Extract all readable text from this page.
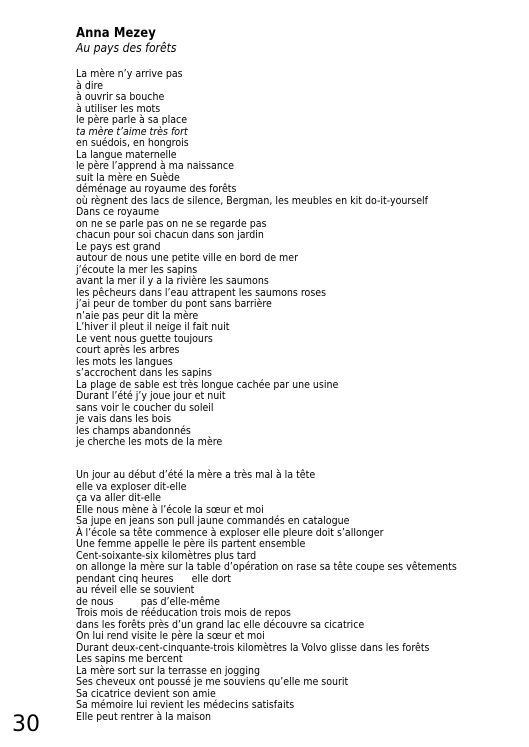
Anna Mezey
Au pays des forêts
La mère n’y arrive pas
à dire
à ouvrir sa bouche
à utiliser les mots
le père parle à sa place
ta mère t’aime très fort
en suédois, en hongrois
La langue maternelle
le père l’apprend à ma naissance
suit la mère en Suède
déménage au royaume des forêts
où règnent des lacs de silence, Bergman, les meubles en kit do-it-yourself
Dans ce royaume
on ne se parle pas on ne se regarde pas
chacun pour soi chacun dans son jardin
Le pays est grand
autour de nous une petite ville en bord de mer
j’écoute la mer les sapins
avant la mer il y a la rivière les saumons
les pêcheurs dans l’eau attrapent les saumons roses
j’ai peur de tomber du pont sans barrière
n’aie pas peur dit la mère
L’hiver il pleut il neige il fait nuit
Le vent nous guette toujours
court après les arbres
les mots les langues
s’accrochent dans les sapins
La plage de sable est très longue cachée par une usine
Durant l’été j’y joue jour et nuit
sans voir le coucher du soleil
je vais dans les bois
les champs abandonnés
je cherche les mots de la mère
Un jour au début d’été la mère a très mal à la tête
elle va exploser dit-elle
ça va aller dit-elle
Elle nous mène à l’école la sœur et moi
Sa jupe en jeans son pull jaune commandés en catalogue
À l’école sa tête commence à exploser elle pleure doit s’allonger
Une femme appelle le père ils partent ensemble
Cent-soixante-six kilomètres plus tard
on allonge la mère sur la table d’opération on rase sa tête coupe ses vêtements
pendant cinq heures      elle dort
au réveil elle se souvient
de nous         pas d’elle-même
Trois mois de rééducation trois mois de repos
dans les forêts près d’un grand lac elle découvre sa cicatrice
On lui rend visite le père la sœur et moi
Durant deux-cent-cinquante-trois kilomètres la Volvo glisse dans les forêts
Les sapins me bercent
La mère sort sur la terrasse en jogging
Ses cheveux ont poussé je me souviens qu’elle me sourit
Sa cicatrice devient son amie
Sa mémoire lui revient les médecins satisfaits
Elle peut rentrer à la maison
30
